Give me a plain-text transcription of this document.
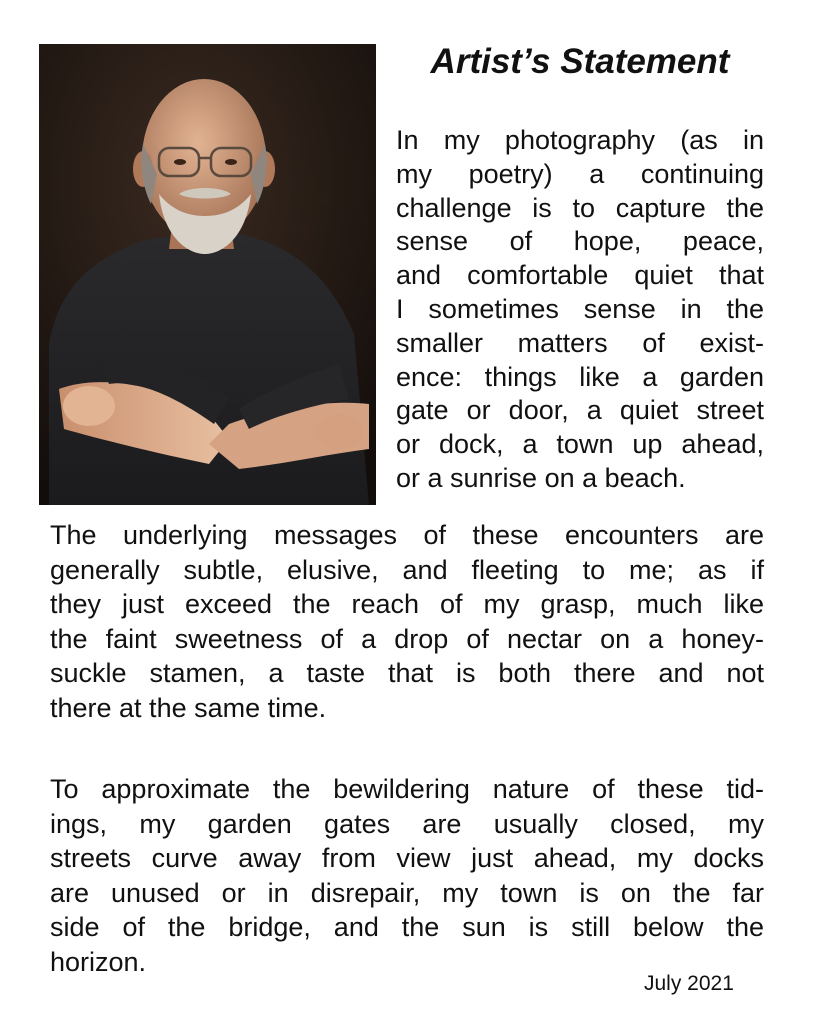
Artist’s Statement

In my photography (as in
my poetry) a continuing
challenge is to capture the
sense of hope, peace,
and comfortable quiet that
I sometimes sense in the
smaller matters of exist-
ence: things like a garden
gate or door, a quiet street
or dock, a town up ahead,
or a sunrise on a beach.

The underlying messages of these encounters are
generally subtle, elusive, and fleeting to me; as if
they just exceed the reach of my grasp, much like
the faint sweetness of a drop of nectar on a honey-
suckle stamen, a taste that is both there and not
there at the same time.

To approximate the bewildering nature of these tid-
ings, my garden gates are usually closed, my
streets curve away from view just ahead, my docks
are unused or in disrepair, my town is on the far
side of the bridge, and the sun is still below the
horizon.

July 2021
